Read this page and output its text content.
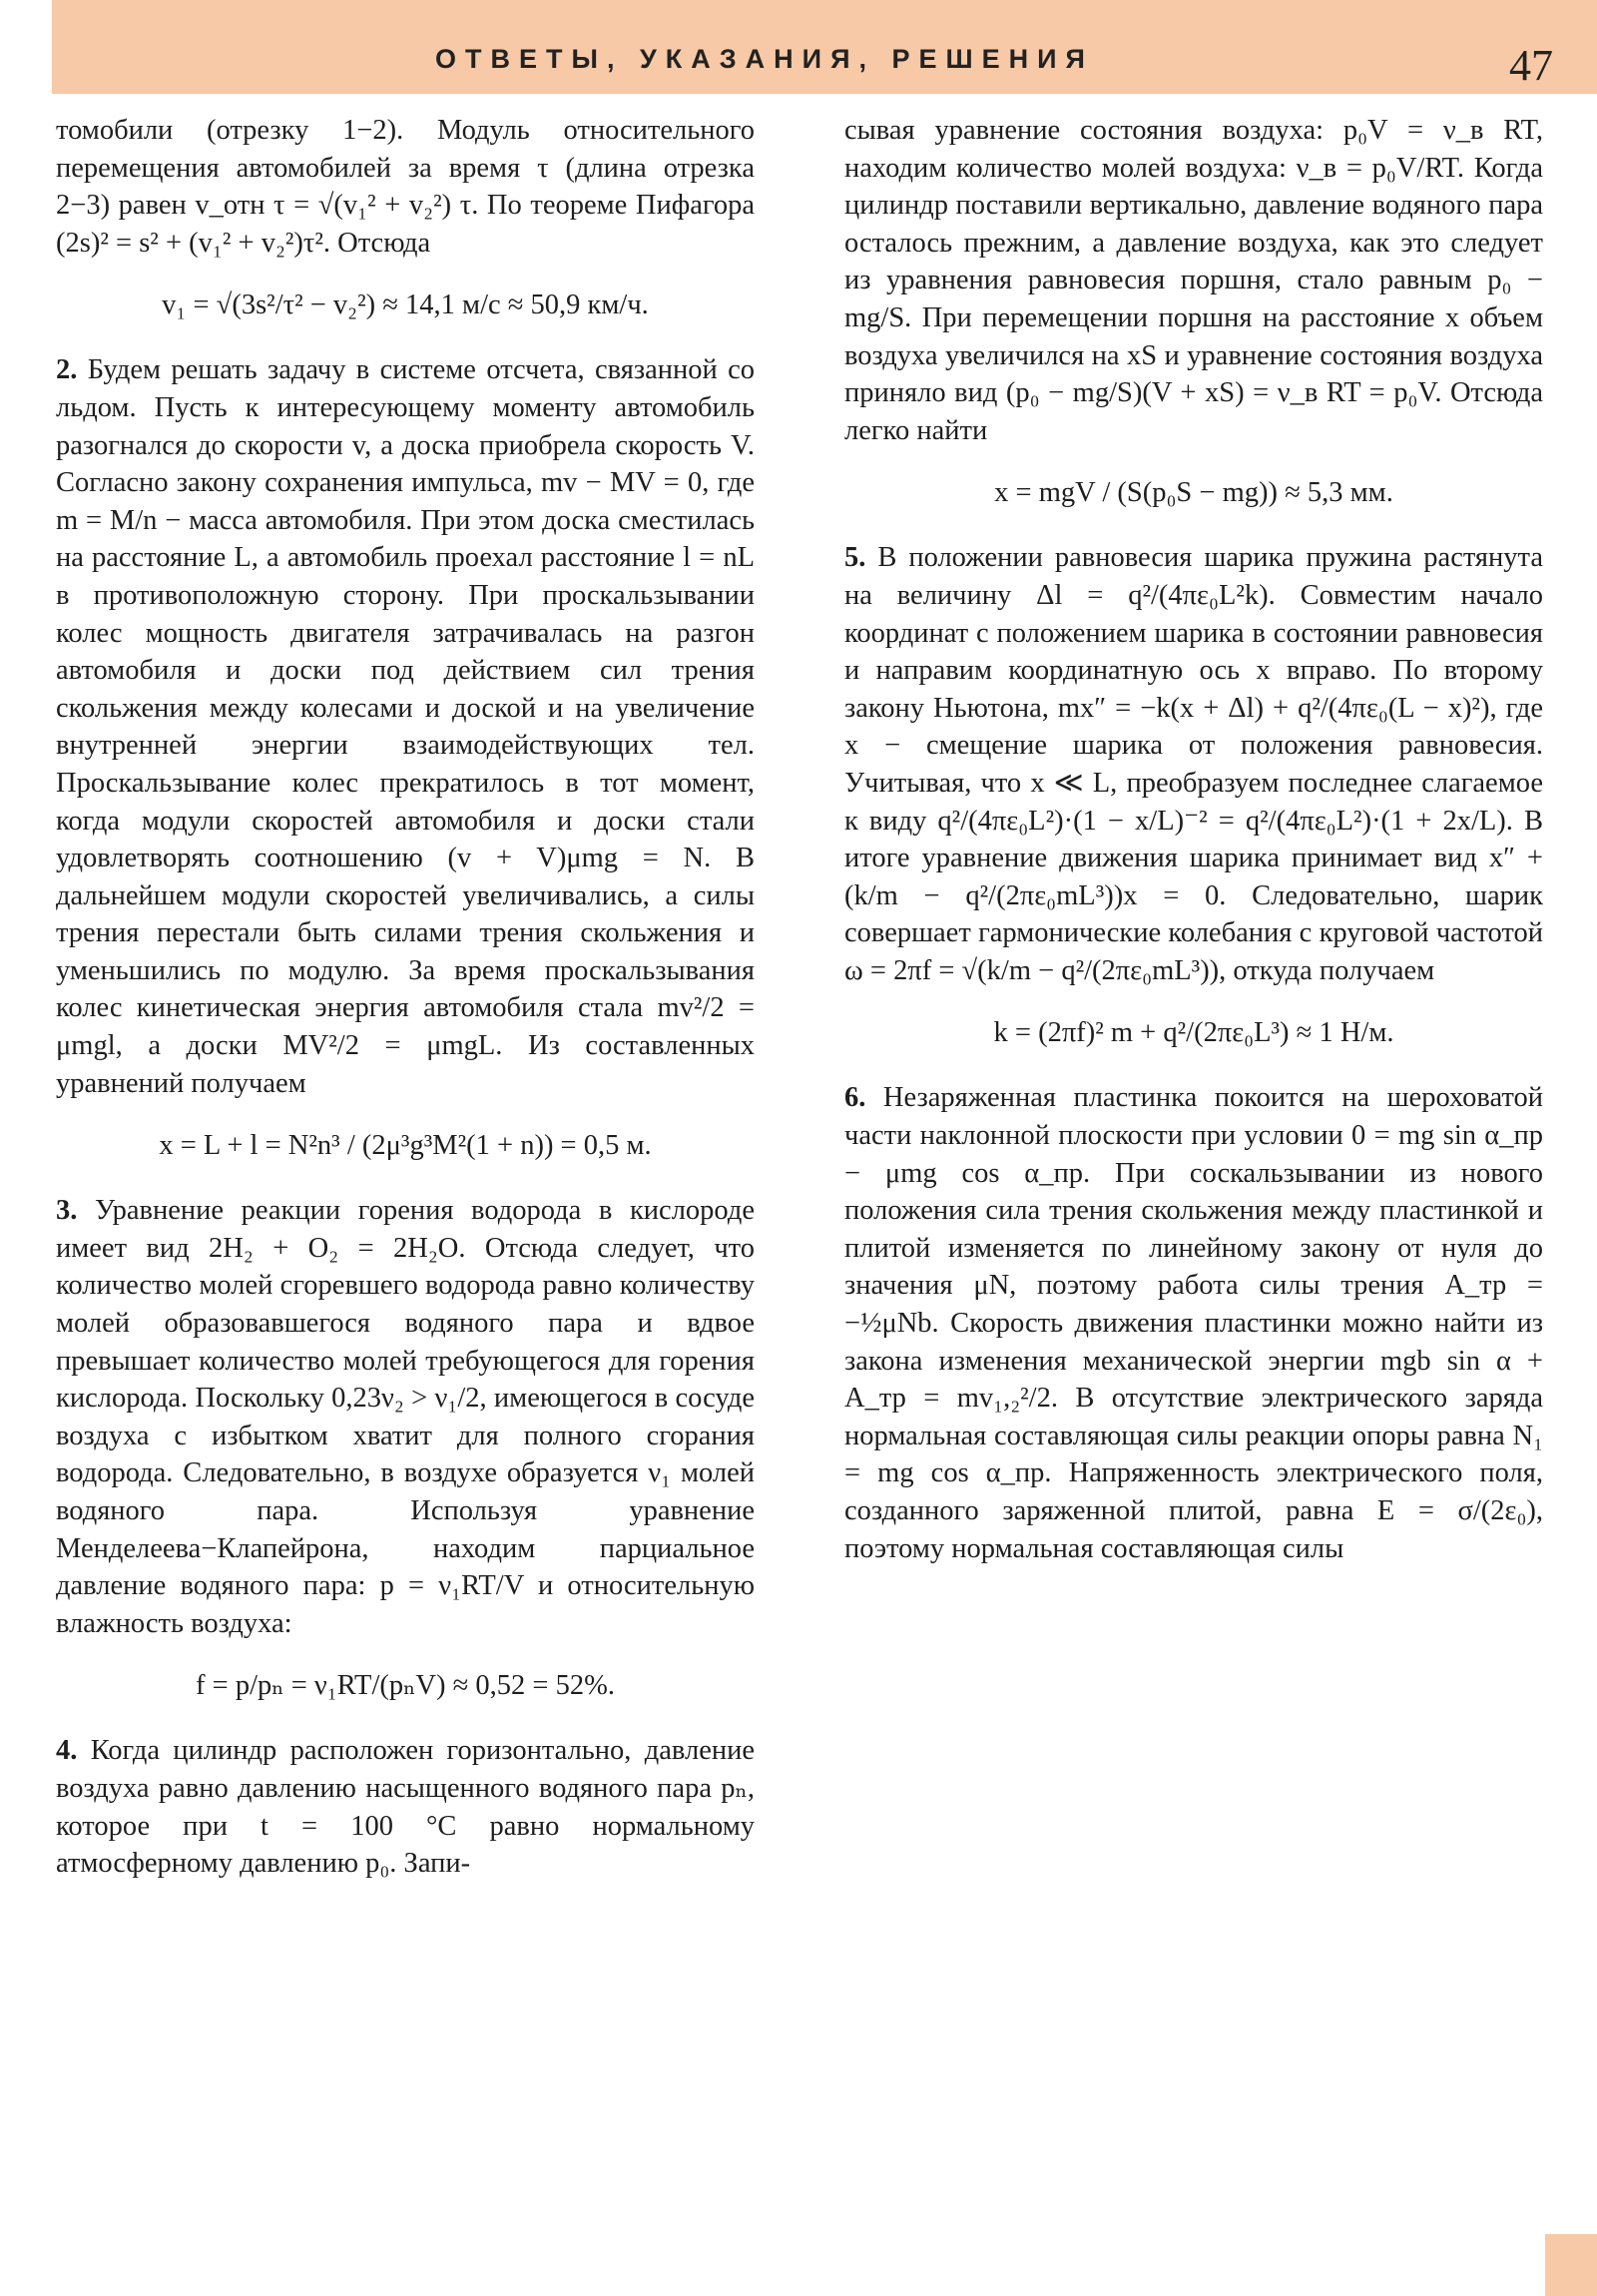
ОТВЕТЫ, УКАЗАНИЯ, РЕШЕНИЯ	47

томобили (отрезку 1−2). Модуль относительного перемещения автомобилей за время τ (длина отрезка 2−3) равен v_отн τ = √(v₁² + v₂²) τ. По теореме Пифагора (2s)² = s² + (v₁² + v₂²)τ². Отсюда

v₁ = √(3s²/τ² − v₂²) ≈ 14,1 м/с ≈ 50,9 км/ч.

2. Будем решать задачу в системе отсчета, связанной со льдом. Пусть к интересующему моменту автомобиль разогнался до скорости v, а доска приобрела скорость V. Согласно закону сохранения импульса, mv − MV = 0, где m = M/n − масса автомобиля. При этом доска сместилась на расстояние L, а автомобиль проехал расстояние l = nL в противоположную сторону. При проскальзывании колес мощность двигателя затрачивалась на разгон автомобиля и доски под действием сил трения скольжения между колесами и доской и на увеличение внутренней энергии взаимодействующих тел. Проскальзывание колес прекратилось в тот момент, когда модули скоростей автомобиля и доски стали удовлетворять соотношению (v + V)μmg = N. В дальнейшем модули скоростей увеличивались, а силы трения перестали быть силами трения скольжения и уменьшились по модулю. За время проскальзывания колес кинетическая энергия автомобиля стала mv²/2 = μmgl, а доски MV²/2 = μmgL. Из составленных уравнений получаем

x = L + l = N²n³ / (2μ³g³M²(1 + n)) = 0,5 м.

3. Уравнение реакции горения водорода в кислороде имеет вид 2H₂ + O₂ = 2H₂O. Отсюда следует, что количество молей сгоревшего водорода равно количеству молей образовавшегося водяного пара и вдвое превышает количество молей требующегося для горения кислорода. Поскольку 0,23ν₂ > ν₁/2, имеющегося в сосуде воздуха с избытком хватит для полного сгорания водорода. Следовательно, в воздухе образуется ν₁ молей водяного пара. Используя уравнение Менделеева−Клапейрона, находим парциальное давление водяного пара: p = ν₁RT/V и относительную влажность воздуха:

f = p/pₙ = ν₁RT/(pₙV) ≈ 0,52 = 52%.

4. Когда цилиндр расположен горизонтально, давление воздуха равно давлению насыщенного водяного пара pₙ, которое при t = 100 °C равно нормальному атмосферному давлению p₀. Запи-

сывая уравнение состояния воздуха: p₀V = ν_в RT, находим количество молей воздуха: ν_в = p₀V/RT. Когда цилиндр поставили вертикально, давление водяного пара осталось прежним, а давление воздуха, как это следует из уравнения равновесия поршня, стало равным p₀ − mg/S. При перемещении поршня на расстояние x объем воздуха увеличился на xS и уравнение состояния воздуха приняло вид (p₀ − mg/S)(V + xS) = ν_в RT = p₀V. Отсюда легко найти

x = mgV / (S(p₀S − mg)) ≈ 5,3 мм.

5. В положении равновесия шарика пружина растянута на величину Δl = q²/(4πε₀L²k). Совместим начало координат с положением шарика в состоянии равновесия и направим координатную ось x вправо. По второму закону Ньютона, mx″ = −k(x + Δl) + q²/(4πε₀(L − x)²), где x − смещение шарика от положения равновесия. Учитывая, что x ≪ L, преобразуем последнее слагаемое к виду q²/(4πε₀L²)·(1 − x/L)⁻² = q²/(4πε₀L²)·(1 + 2x/L). В итоге уравнение движения шарика принимает вид x″ + (k/m − q²/(2πε₀mL³))x = 0. Следовательно, шарик совершает гармонические колебания с круговой частотой ω = 2πf = √(k/m − q²/(2πε₀mL³)), откуда получаем

k = (2πf)² m + q²/(2πε₀L³) ≈ 1 Н/м.

6. Незаряженная пластинка покоится на шероховатой части наклонной плоскости при условии 0 = mg sin α_пр − μmg cos α_пр. При соскальзывании из нового положения сила трения скольжения между пластинкой и плитой изменяется по линейному закону от нуля до значения μN, поэтому работа силы трения A_тр = −½μNb. Скорость движения пластинки можно найти из закона изменения механической энергии mgb sin α + A_тр = mv₁,₂²/2. В отсутствие электрического заряда нормальная составляющая силы реакции опоры равна N₁ = mg cos α_пр. Напряженность электрического поля, созданного заряженной плитой, равна E = σ/(2ε₀), поэтому нормальная составляющая силы
